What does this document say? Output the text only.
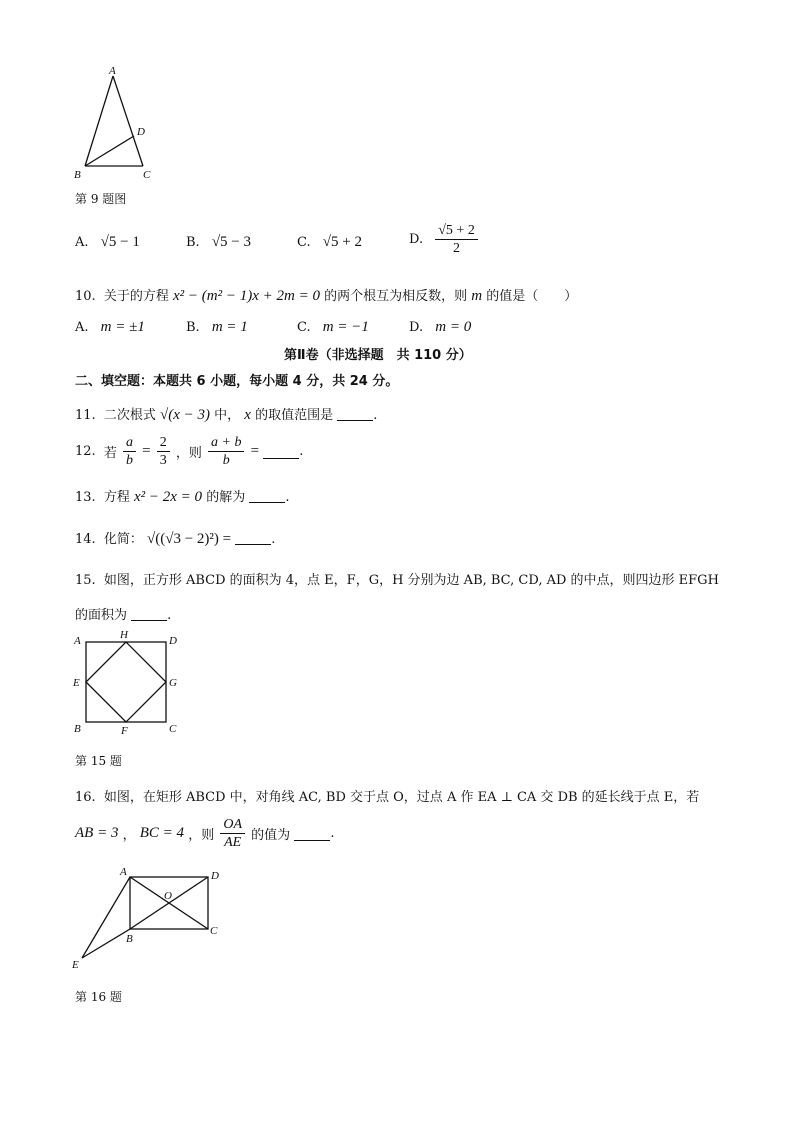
A
D
B	C
第 9 题图
A. √5 − 1	B. √5 − 3	C. √5 + 2	D. $\frac{√5 + 2}{2}$
10. 关于的方程 x² − (m² − 1)x + 2m = 0 的两个根互为相反数，则 m 的值是（　　）
A. m = ±1	B. m = 1	C. m = −1	D. m = 0
第Ⅱ卷（非选择题　共 110 分）
二、填空题：本题共 6 小题，每小题 4 分，共 24 分。
11. 二次根式 √(x − 3) 中， x 的取值范围是	.
12. 若 $\frac{a}{b} = \frac{2}{3}$ ，则 $\frac{a + b}{b}$ =	.
13. 方程 x² − 2x = 0 的解为	.
14. 化简： √((√3 − 2)²) =	.
15. 如图，正方形 ABCD 的面积为 4，点 E，F，G，H 分别为边 AB, BC, CD, AD 的中点，则四边形 EFGH
的面积为	.
A	H	D
E	G
B	F	C
第 15 题
16. 如图，在矩形 ABCD 中，对角线 AC, BD 交于点 O，过点 A 作 EA ⊥ CA 交 DB 的延长线于点 E，若
AB = 3 ， BC = 4 ，则 $\frac{OA}{AE}$ 的值为	.
A	D
O
B
C
E
第 16 题
